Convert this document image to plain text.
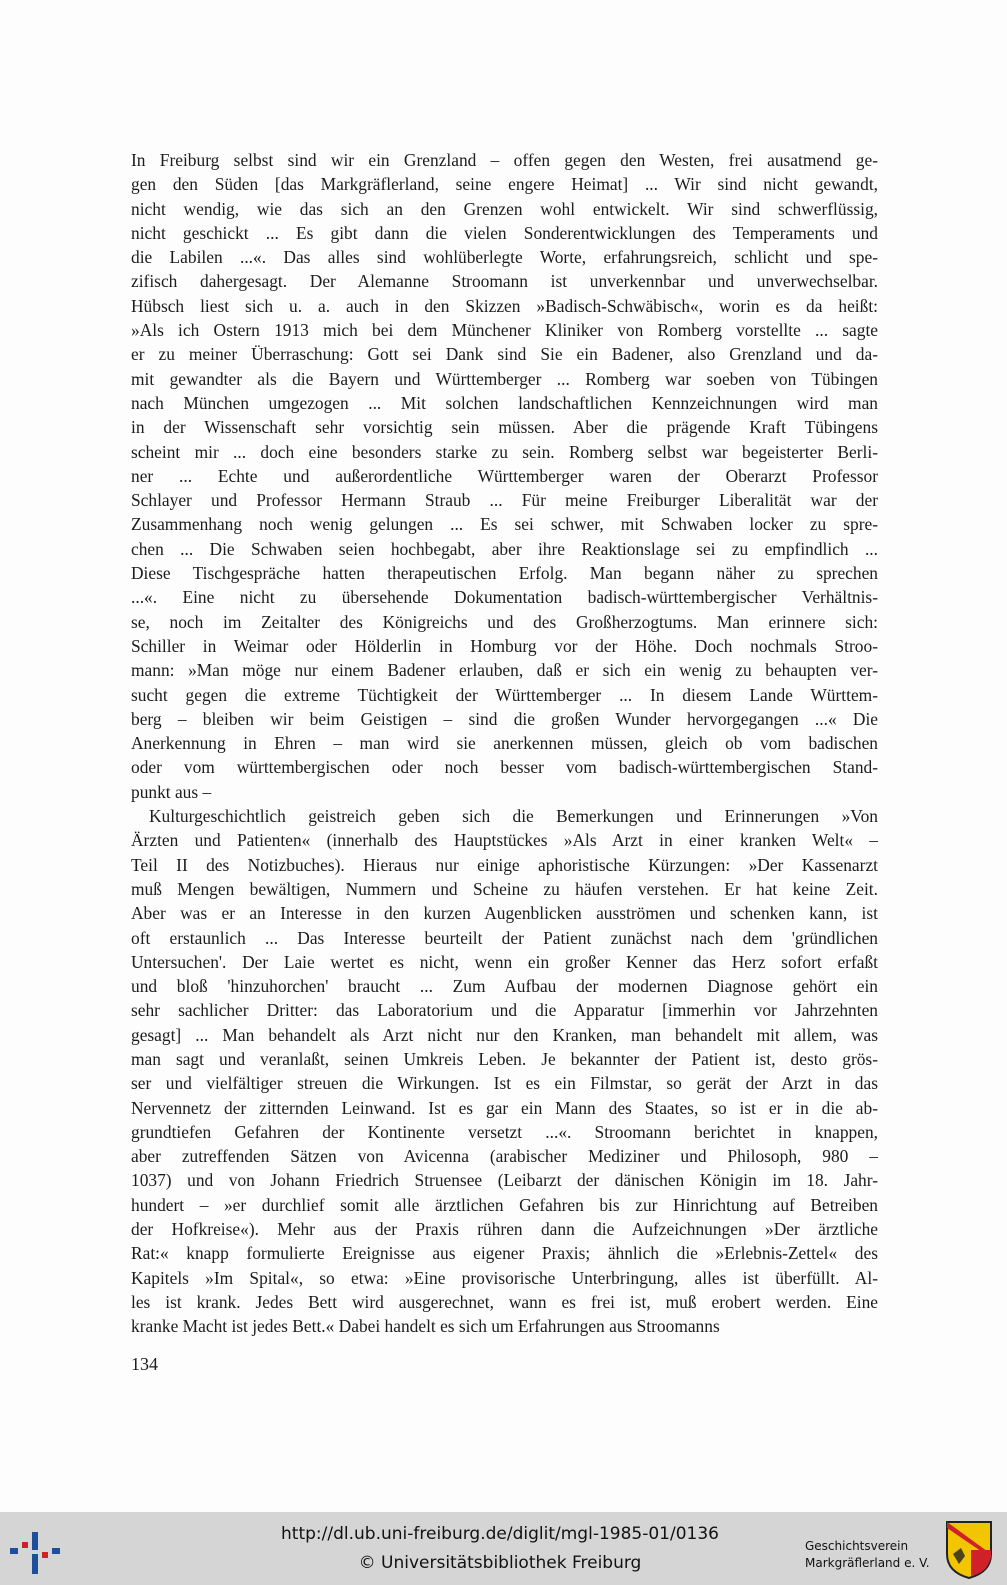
In Freiburg selbst sind wir ein Grenzland – offen gegen den Westen, frei ausatmend ge-
gen den Süden [das Markgräflerland, seine engere Heimat] ... Wir sind nicht gewandt,
nicht wendig, wie das sich an den Grenzen wohl entwickelt. Wir sind schwerflüssig,
nicht geschickt ... Es gibt dann die vielen Sonderentwicklungen des Temperaments und
die Labilen ...«. Das alles sind wohlüberlegte Worte, erfahrungsreich, schlicht und spe-
zifisch dahergesagt. Der Alemanne Stroomann ist unverkennbar und unverwechselbar.
Hübsch liest sich u. a. auch in den Skizzen »Badisch-Schwäbisch«, worin es da heißt:
»Als ich Ostern 1913 mich bei dem Münchener Kliniker von Romberg vorstellte ... sagte
er zu meiner Überraschung: Gott sei Dank sind Sie ein Badener, also Grenzland und da-
mit gewandter als die Bayern und Württemberger ... Romberg war soeben von Tübingen
nach München umgezogen ... Mit solchen landschaftlichen Kennzeichnungen wird man
in der Wissenschaft sehr vorsichtig sein müssen. Aber die prägende Kraft Tübingens
scheint mir ... doch eine besonders starke zu sein. Romberg selbst war begeisterter Berli-
ner ... Echte und außerordentliche Württemberger waren der Oberarzt Professor
Schlayer und Professor Hermann Straub ... Für meine Freiburger Liberalität war der
Zusammenhang noch wenig gelungen ... Es sei schwer, mit Schwaben locker zu spre-
chen ... Die Schwaben seien hochbegabt, aber ihre Reaktionslage sei zu empfindlich ...
Diese Tischgespräche hatten therapeutischen Erfolg. Man begann näher zu sprechen
...«. Eine nicht zu übersehende Dokumentation badisch-württembergischer Verhältnis-
se, noch im Zeitalter des Königreichs und des Großherzogtums. Man erinnere sich:
Schiller in Weimar oder Hölderlin in Homburg vor der Höhe. Doch nochmals Stroo-
mann: »Man möge nur einem Badener erlauben, daß er sich ein wenig zu behaupten ver-
sucht gegen die extreme Tüchtigkeit der Württemberger ... In diesem Lande Württem-
berg – bleiben wir beim Geistigen – sind die großen Wunder hervorgegangen ...« Die
Anerkennung in Ehren – man wird sie anerkennen müssen, gleich ob vom badischen
oder vom württembergischen oder noch besser vom badisch-württembergischen Stand-
punkt aus –
Kulturgeschichtlich geistreich geben sich die Bemerkungen und Erinnerungen »Von
Ärzten und Patienten« (innerhalb des Hauptstückes »Als Arzt in einer kranken Welt« –
Teil II des Notizbuches). Hieraus nur einige aphoristische Kürzungen: »Der Kassenarzt
muß Mengen bewältigen, Nummern und Scheine zu häufen verstehen. Er hat keine Zeit.
Aber was er an Interesse in den kurzen Augenblicken ausströmen und schenken kann, ist
oft erstaunlich ... Das Interesse beurteilt der Patient zunächst nach dem 'gründlichen
Untersuchen'. Der Laie wertet es nicht, wenn ein großer Kenner das Herz sofort erfaßt
und bloß 'hinzuhorchen' braucht ... Zum Aufbau der modernen Diagnose gehört ein
sehr sachlicher Dritter: das Laboratorium und die Apparatur [immerhin vor Jahrzehnten
gesagt] ... Man behandelt als Arzt nicht nur den Kranken, man behandelt mit allem, was
man sagt und veranlaßt, seinen Umkreis Leben. Je bekannter der Patient ist, desto grös-
ser und vielfältiger streuen die Wirkungen. Ist es ein Filmstar, so gerät der Arzt in das
Nervennetz der zitternden Leinwand. Ist es gar ein Mann des Staates, so ist er in die ab-
grundtiefen Gefahren der Kontinente versetzt ...«. Stroomann berichtet in knappen,
aber zutreffenden Sätzen von Avicenna (arabischer Mediziner und Philosoph, 980 –
1037) und von Johann Friedrich Struensee (Leibarzt der dänischen Königin im 18. Jahr-
hundert – »er durchlief somit alle ärztlichen Gefahren bis zur Hinrichtung auf Betreiben
der Hofkreise«). Mehr aus der Praxis rühren dann die Aufzeichnungen »Der ärztliche
Rat:« knapp formulierte Ereignisse aus eigener Praxis; ähnlich die »Erlebnis-Zettel« des
Kapitels »Im Spital«, so etwa: »Eine provisorische Unterbringung, alles ist überfüllt. Al-
les ist krank. Jedes Bett wird ausgerechnet, wann es frei ist, muß erobert werden. Eine
kranke Macht ist jedes Bett.« Dabei handelt es sich um Erfahrungen aus Stroomanns
134
http://dl.ub.uni-freiburg.de/diglit/mgl-1985-01/0136
© Universitätsbibliothek Freiburg
Geschichtsverein
Markgräflerland e. V.
